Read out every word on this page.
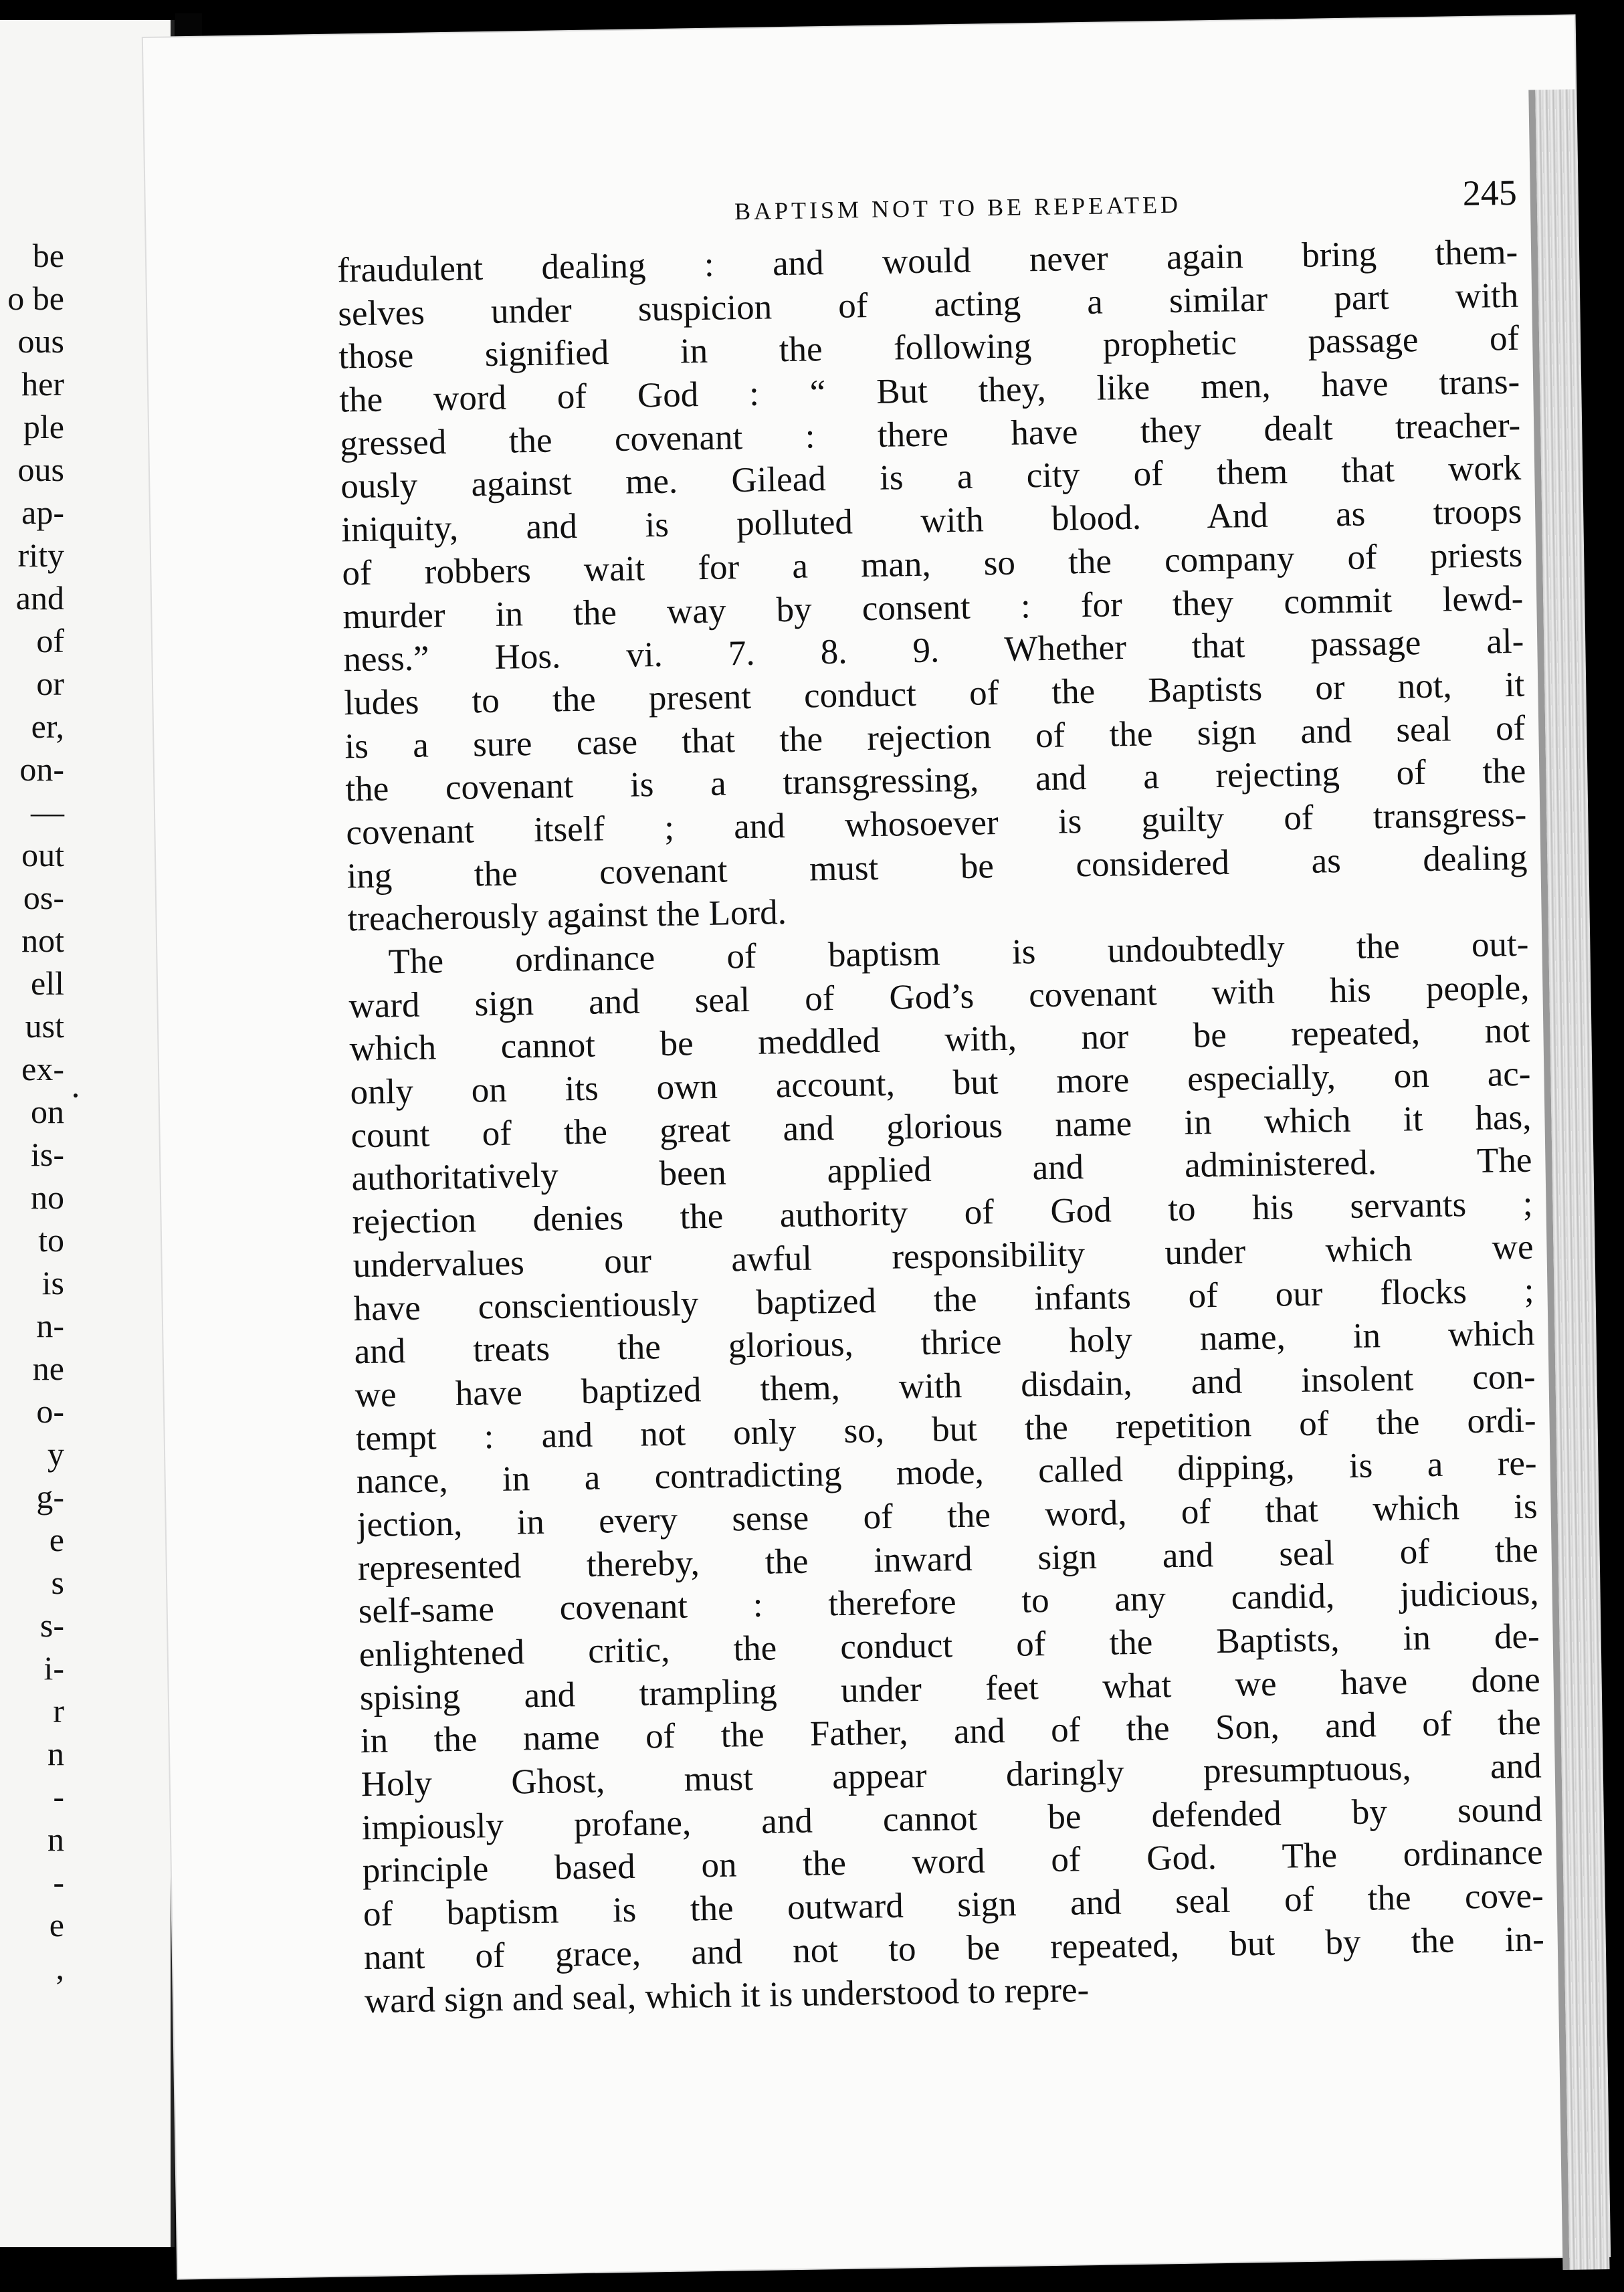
be
o be
ous
her
ple
ous
ap-
rity
and
of
or
er,
on-
—
out
os-
not
ell
ust
ex-
on
is-
no
to
is
n-
ne
o-
y
g-
e
s
s-
i-
r
n
-
n
-
e
,
BAPTISM NOT TO BE REPEATED	245
fraudulent dealing : and would never again bring them-
selves under suspicion of acting a similar part with
those signified in the following prophetic passage of
the word of God : “ But they, like men, have trans-
gressed the covenant : there have they dealt treacher-
ously against me. Gilead is a city of them that work
iniquity, and is polluted with blood. And as troops
of robbers wait for a man, so the company of priests
murder in the way by consent : for they commit lewd-
ness.” Hos. vi. 7. 8. 9. Whether that passage al-
ludes to the present conduct of the Baptists or not, it
is a sure case that the rejection of the sign and seal of
the covenant is a transgressing, and a rejecting of the
covenant itself ; and whosoever is guilty of transgress-
ing the covenant must be considered as dealing
treacherously against the Lord.
The ordinance of baptism is undoubtedly the out-
ward sign and seal of God’s covenant with his people,
which cannot be meddled with, nor be repeated, not
only on its own account, but more especially, on ac-
count of the great and glorious name in which it has,
authoritatively been applied and administered. The
rejection denies the authority of God to his servants ;
undervalues our awful responsibility under which we
have conscientiously baptized the infants of our flocks ;
and treats the glorious, thrice holy name, in which
we have baptized them, with disdain, and insolent con-
tempt : and not only so, but the repetition of the ordi-
nance, in a contradicting mode, called dipping, is a re-
jection, in every sense of the word, of that which is
represented thereby, the inward sign and seal of the
self-same covenant : therefore to any candid, judicious,
enlightened critic, the conduct of the Baptists, in de-
spising and trampling under feet what we have done
in the name of the Father, and of the Son, and of the
Holy Ghost, must appear daringly presumptuous, and
impiously profane, and cannot be defended by sound
principle based on the word of God. The ordinance
of baptism is the outward sign and seal of the cove-
nant of grace, and not to be repeated, but by the in-
ward sign and seal, which it is understood to repre-
